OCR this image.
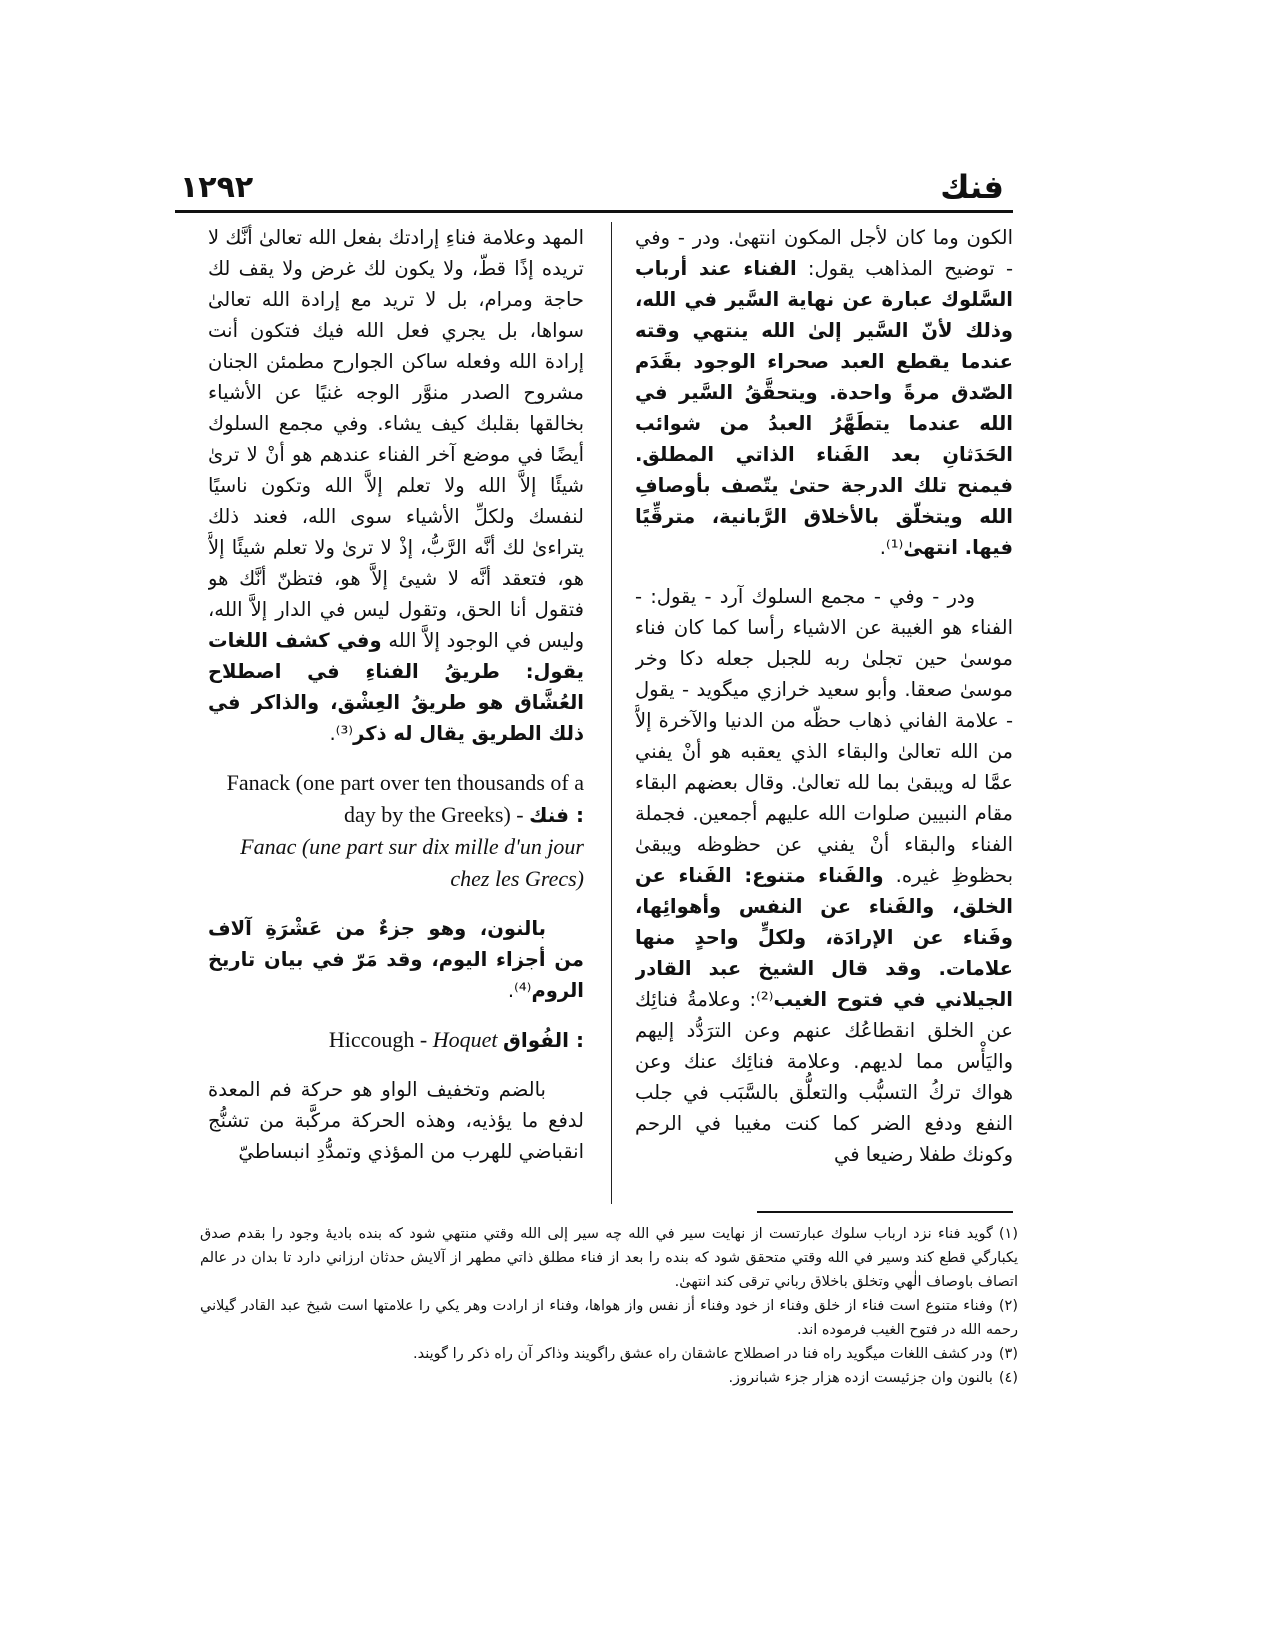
١٢٩٢	فنك

الكون وما كان لأجل المكون انتهىٰ. ودر - وفي - توضيح المذاهب يقول: الفناء عند أرباب السَّلوك عبارة عن نهاية السَّير في الله، وذلك لأنّ السَّير إلىٰ الله ينتهي وقته عندما يقطع العبد صحراء الوجود بقَدَم الصّدق مرةً واحدة. ويتحقَّقُ السَّير في الله عندما يتطَهَّرُ العبدُ من شوائب الحَدَثانِ بعد الفَناء الذاتي المطلق. فيمنح تلك الدرجة حتىٰ يتّصف بأوصافِ الله ويتخلّق بالأخلاق الرَّبانية، مترقِّيًا فيها. انتهىٰ⁽¹⁾.

ودر - وفي - مجمع السلوك آرد - يقول: - الفناء هو الغيبة عن الاشياء رأسا كما كان فناء موسىٰ حين تجلىٰ ربه للجبل جعله دكا وخر موسىٰ صعقا. وأبو سعيد خرازي ميگويد - يقول - علامة الفاني ذهاب حظّه من الدنيا والآخرة إلاَّ من الله تعالىٰ والبقاء الذي يعقبه هو أنْ يفني عمَّا له ويبقىٰ بما لله تعالىٰ. وقال بعضهم البقاء مقام النبيين صلوات الله عليهم أجمعين. فجملة الفناء والبقاء أنْ يفني عن حظوظه ويبقىٰ بحظوظِ غيره. والفَناء متنوع: الفَناء عن الخلق، والفَناء عن النفس وأهوائِها، وفَناء عن الإرادَة، ولكلٍّ واحدٍ منها علامات. وقد قال الشيخ عبد القادر الجيلاني في فتوح الغيب⁽²⁾: وعلامةُ فنائِك عن الخلق انقطاعُك عنهم وعن الترَدُّد إليهم واليَأْس مما لديهم. وعلامة فنائِك عنك وعن هواك تركُ التسبُّب والتعلُّق بالسَّبَب في جلب النفع ودفع الضر كما كنت مغيبا في الرحم وكونك طفلا رضيعا في

المهد وعلامة فناءِ إرادتك بفعل الله تعالىٰ أنَّك لا تريده إذًا قطّ، ولا يكون لك غرض ولا يقف لك حاجة ومرام، بل لا تريد مع إرادة الله تعالىٰ سواها، بل يجري فعل الله فيك فتكون أنت إرادة الله وفعله ساكن الجوارح مطمئن الجنان مشروح الصدر منوَّر الوجه غنيًا عن الأشياء بخالقها بقلبك كيف يشاء. وفي مجمع السلوك أيضًا في موضع آخر الفناء عندهم هو أنْ لا ترىٰ شيئًا إلاَّ الله ولا تعلم إلاَّ الله وتكون ناسيًا لنفسك ولكلِّ الأشياء سوى الله، فعند ذلك يتراءىٰ لك أنَّه الرَّبُّ، إذْ لا ترىٰ ولا تعلم شيئًا إلاَّ هو، فتعقد أنَّه لا شيئ إلاَّ هو، فتظنّ أنَّك هو فتقول أنا الحق، وتقول ليس في الدار إلاَّ الله، وليس في الوجود إلاَّ الله وفي كشف اللغات يقول: طريقُ الفناءِ في اصطلاح العُشَّاق هو طريقُ العِشْق، والذاكر في ذلك الطريق يقال له ذكر⁽³⁾.

Fanack (one part over ten thousands of a day by the Greeks) - فنك :
Fanac (une part sur dix mille d'un jour chez les Grecs)

بالنون، وهو جزءٌ من عَشْرَةِ آلاف من أجزاء اليوم، وقد مَرّ في بيان تاريخ الروم⁽⁴⁾.

Hiccough - Hoquet الفُواق :

بالضم وتخفيف الواو هو حركة فم المعدة لدفع ما يؤذيه، وهذه الحركة مركَّبة من تشنُّج انقباضي للهرب من المؤذي وتمدُّدِ انبساطيّ

(١)گويد فناء نزد ارباب سلوك عبارتست از نهايت سير في الله چه سير إلى الله وقتي منتهي شود كه بنده باديهٔ وجود را بقدم صدق يكبارگي قطع كند وسير في الله وقتي متحقق شود كه بنده را بعد از فناء مطلق ذاتي مطهر از آلايش حدثان ارزاني دارد تا بدان در عالم اتصاف باوصاف الٰهي وتخلق باخلاق رباني ترقى كند انتهىٰ.

(٢)وفناء متنوع است فناء از خلق وفناء از خود وفناء أز نفس واز هواها، وفناء از ارادت وهر يكي را علامتها است شيخ عبد القادر گيلاني رحمه الله در فتوح الغيب فرموده اند.

(٣)ودر كشف اللغات ميگويد راه فنا در اصطلاح عاشقان راه عشق راگويند وذاكر آن راه ذكر را گويند.

(٤)بالنون وان جزئيست ازده هزار جزء شبانروز.
